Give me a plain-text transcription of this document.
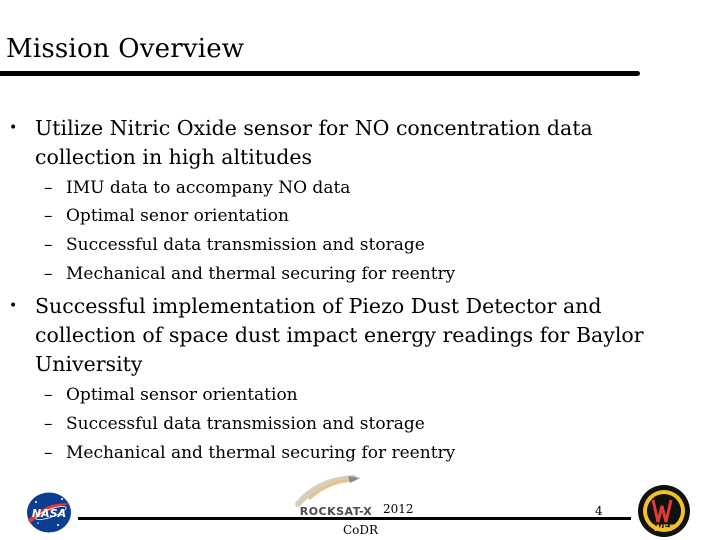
Mission Overview
• Utilize Nitric Oxide sensor for NO concentration data collection in high altitudes
– IMU data to accompany NO data
– Optimal senor orientation
– Successful data transmission and storage
– Mechanical and thermal securing for reentry
• Successful implementation of Piezo Dust Detector and collection of space dust impact energy readings for Baylor University
– Optimal sensor orientation
– Successful data transmission and storage
– Mechanical and thermal securing for reentry
NASA	ROCKSAT-X 2012	4
CoDR	WFF
